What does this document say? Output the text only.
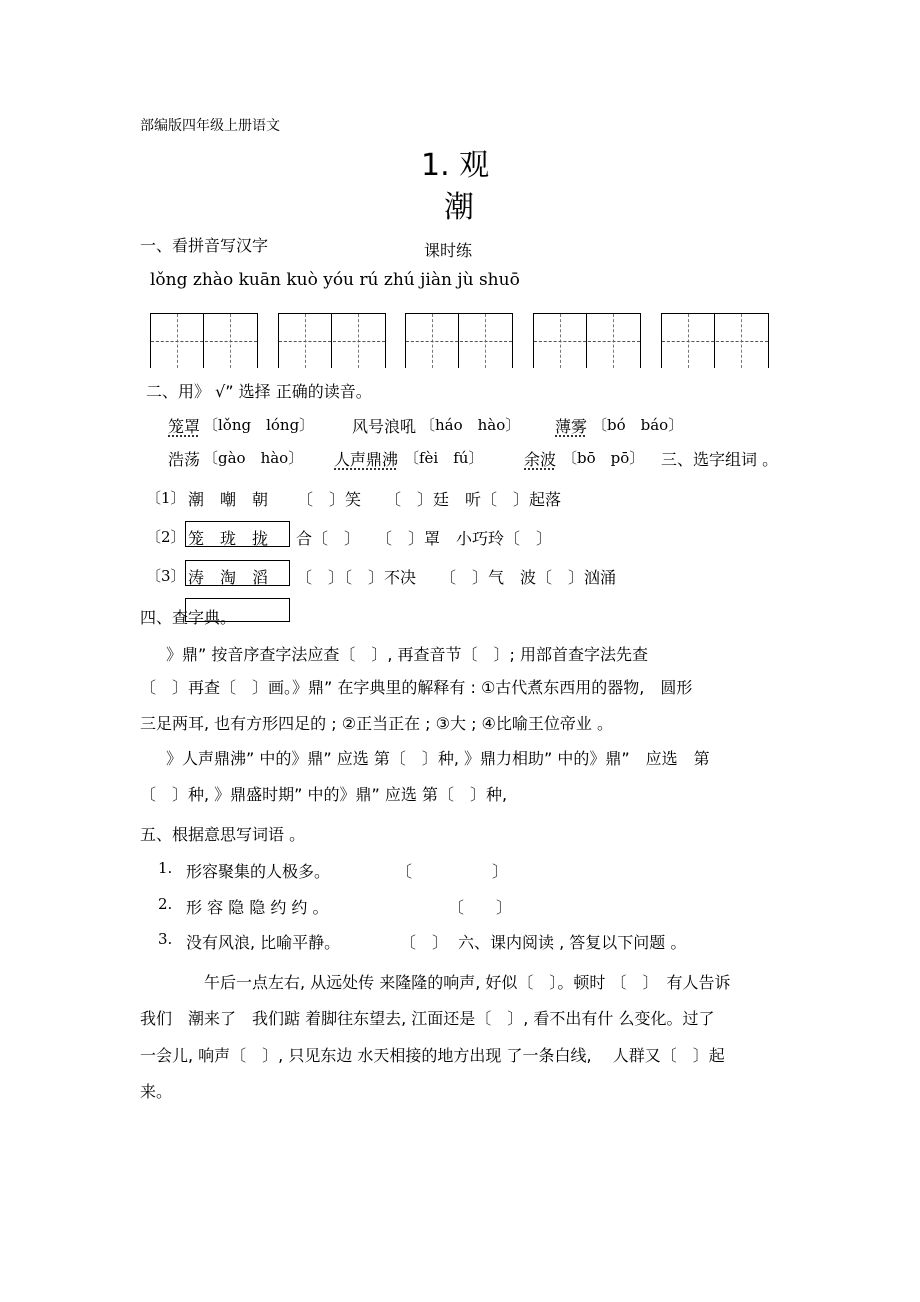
部编版四年级上册语文
1. 观
潮
一、看拼音写汉字	课时练
lǒng zhào kuān kuò yóu rú zhú jiàn jù shuō
二、用》 √” 选择 正确的读音。
笼罩 〔lǒng　lóng〕 风号浪吼 〔háo　hào〕 薄雾 〔bó　báo〕
浩荡 〔gào　hào〕 人声鼎沸 〔fèi　fú〕	余波 〔bō　pō〕 三、选字组词 。
〔1〕 潮　嘲　朝 〔　〕笑　　〔　〕廷　听〔　〕起落
〔2〕 笼　珑　拢 合〔　〕　　〔　〕罩　小巧玲〔　〕
〔3〕 涛　淘　滔 〔　〕〔　〕不决　　〔　〕气　波〔　〕汹涌
四、查字典。
》鼎” 按音序查字法应查〔　〕, 再查音节〔　〕; 用部首查字法先查
〔　〕再查〔　〕画。》鼎” 在字典里的解释有 : ①古代煮东西用的器物,　圆形
三足两耳, 也有方形四足的 ; ②正当正在 ; ③大 ; ④比喻王位帝业 。
》人声鼎沸” 中的》鼎” 应选 第〔　〕种, 》鼎力相助” 中的》鼎”　应选　第
〔　〕种, 》鼎盛时期” 中的》鼎” 应选 第〔　〕种,
五、根据意思写词语 。
1. 形容聚集的人极多。	〔　　　　　〕
2. 形 容 隐 隐 约 约 。	〔　　〕
3. 没有风浪, 比喻平静。	〔　〕 六、课内阅读 , 答复以下问题 。
午后一点左右, 从远处传 来隆隆的响声, 好似〔　〕。顿时 〔　〕　有人告诉
我们　潮来了　我们踮 着脚往东望去, 江面还是〔　〕, 看不出有什 么变化。过了
一会儿, 响声〔　〕, 只见东边 水天相接的地方出现 了一条白线,　 人群又〔　〕起
来。
